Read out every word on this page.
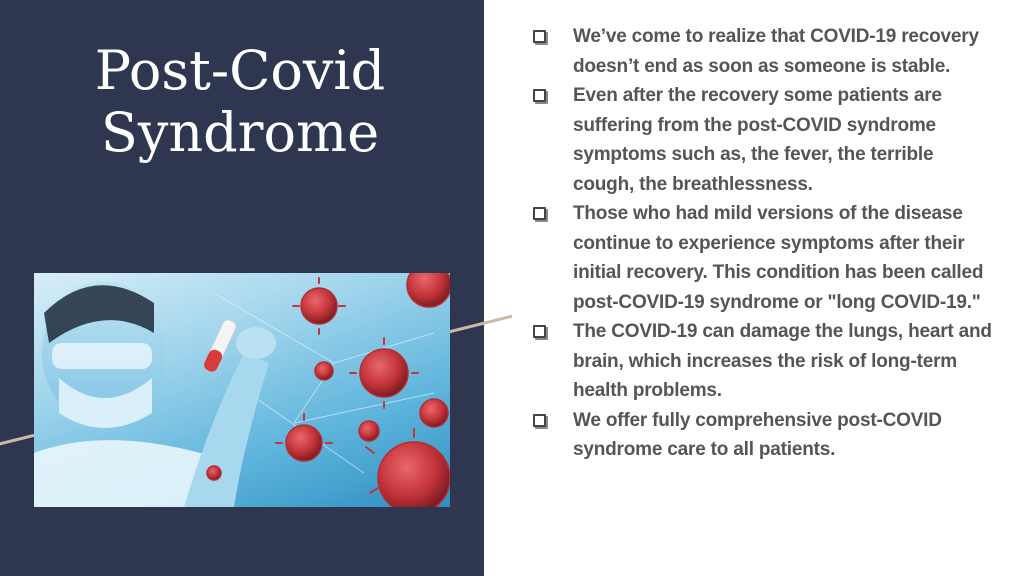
Post-Covid
Syndrome
We’ve come to realize that COVID-19 recovery doesn’t end as soon as someone is stable.
Even after the recovery some patients are suffering from the post-COVID syndrome symptoms such as, the fever, the terrible cough, the breathlessness.
Those who had mild versions of the disease continue to experience symptoms after their initial recovery. This condition has been called post-COVID-19 syndrome or "long COVID-19."
The COVID-19 can damage the lungs, heart and brain, which increases the risk of long-term health problems.
We offer fully comprehensive post-COVID syndrome care to all patients.
